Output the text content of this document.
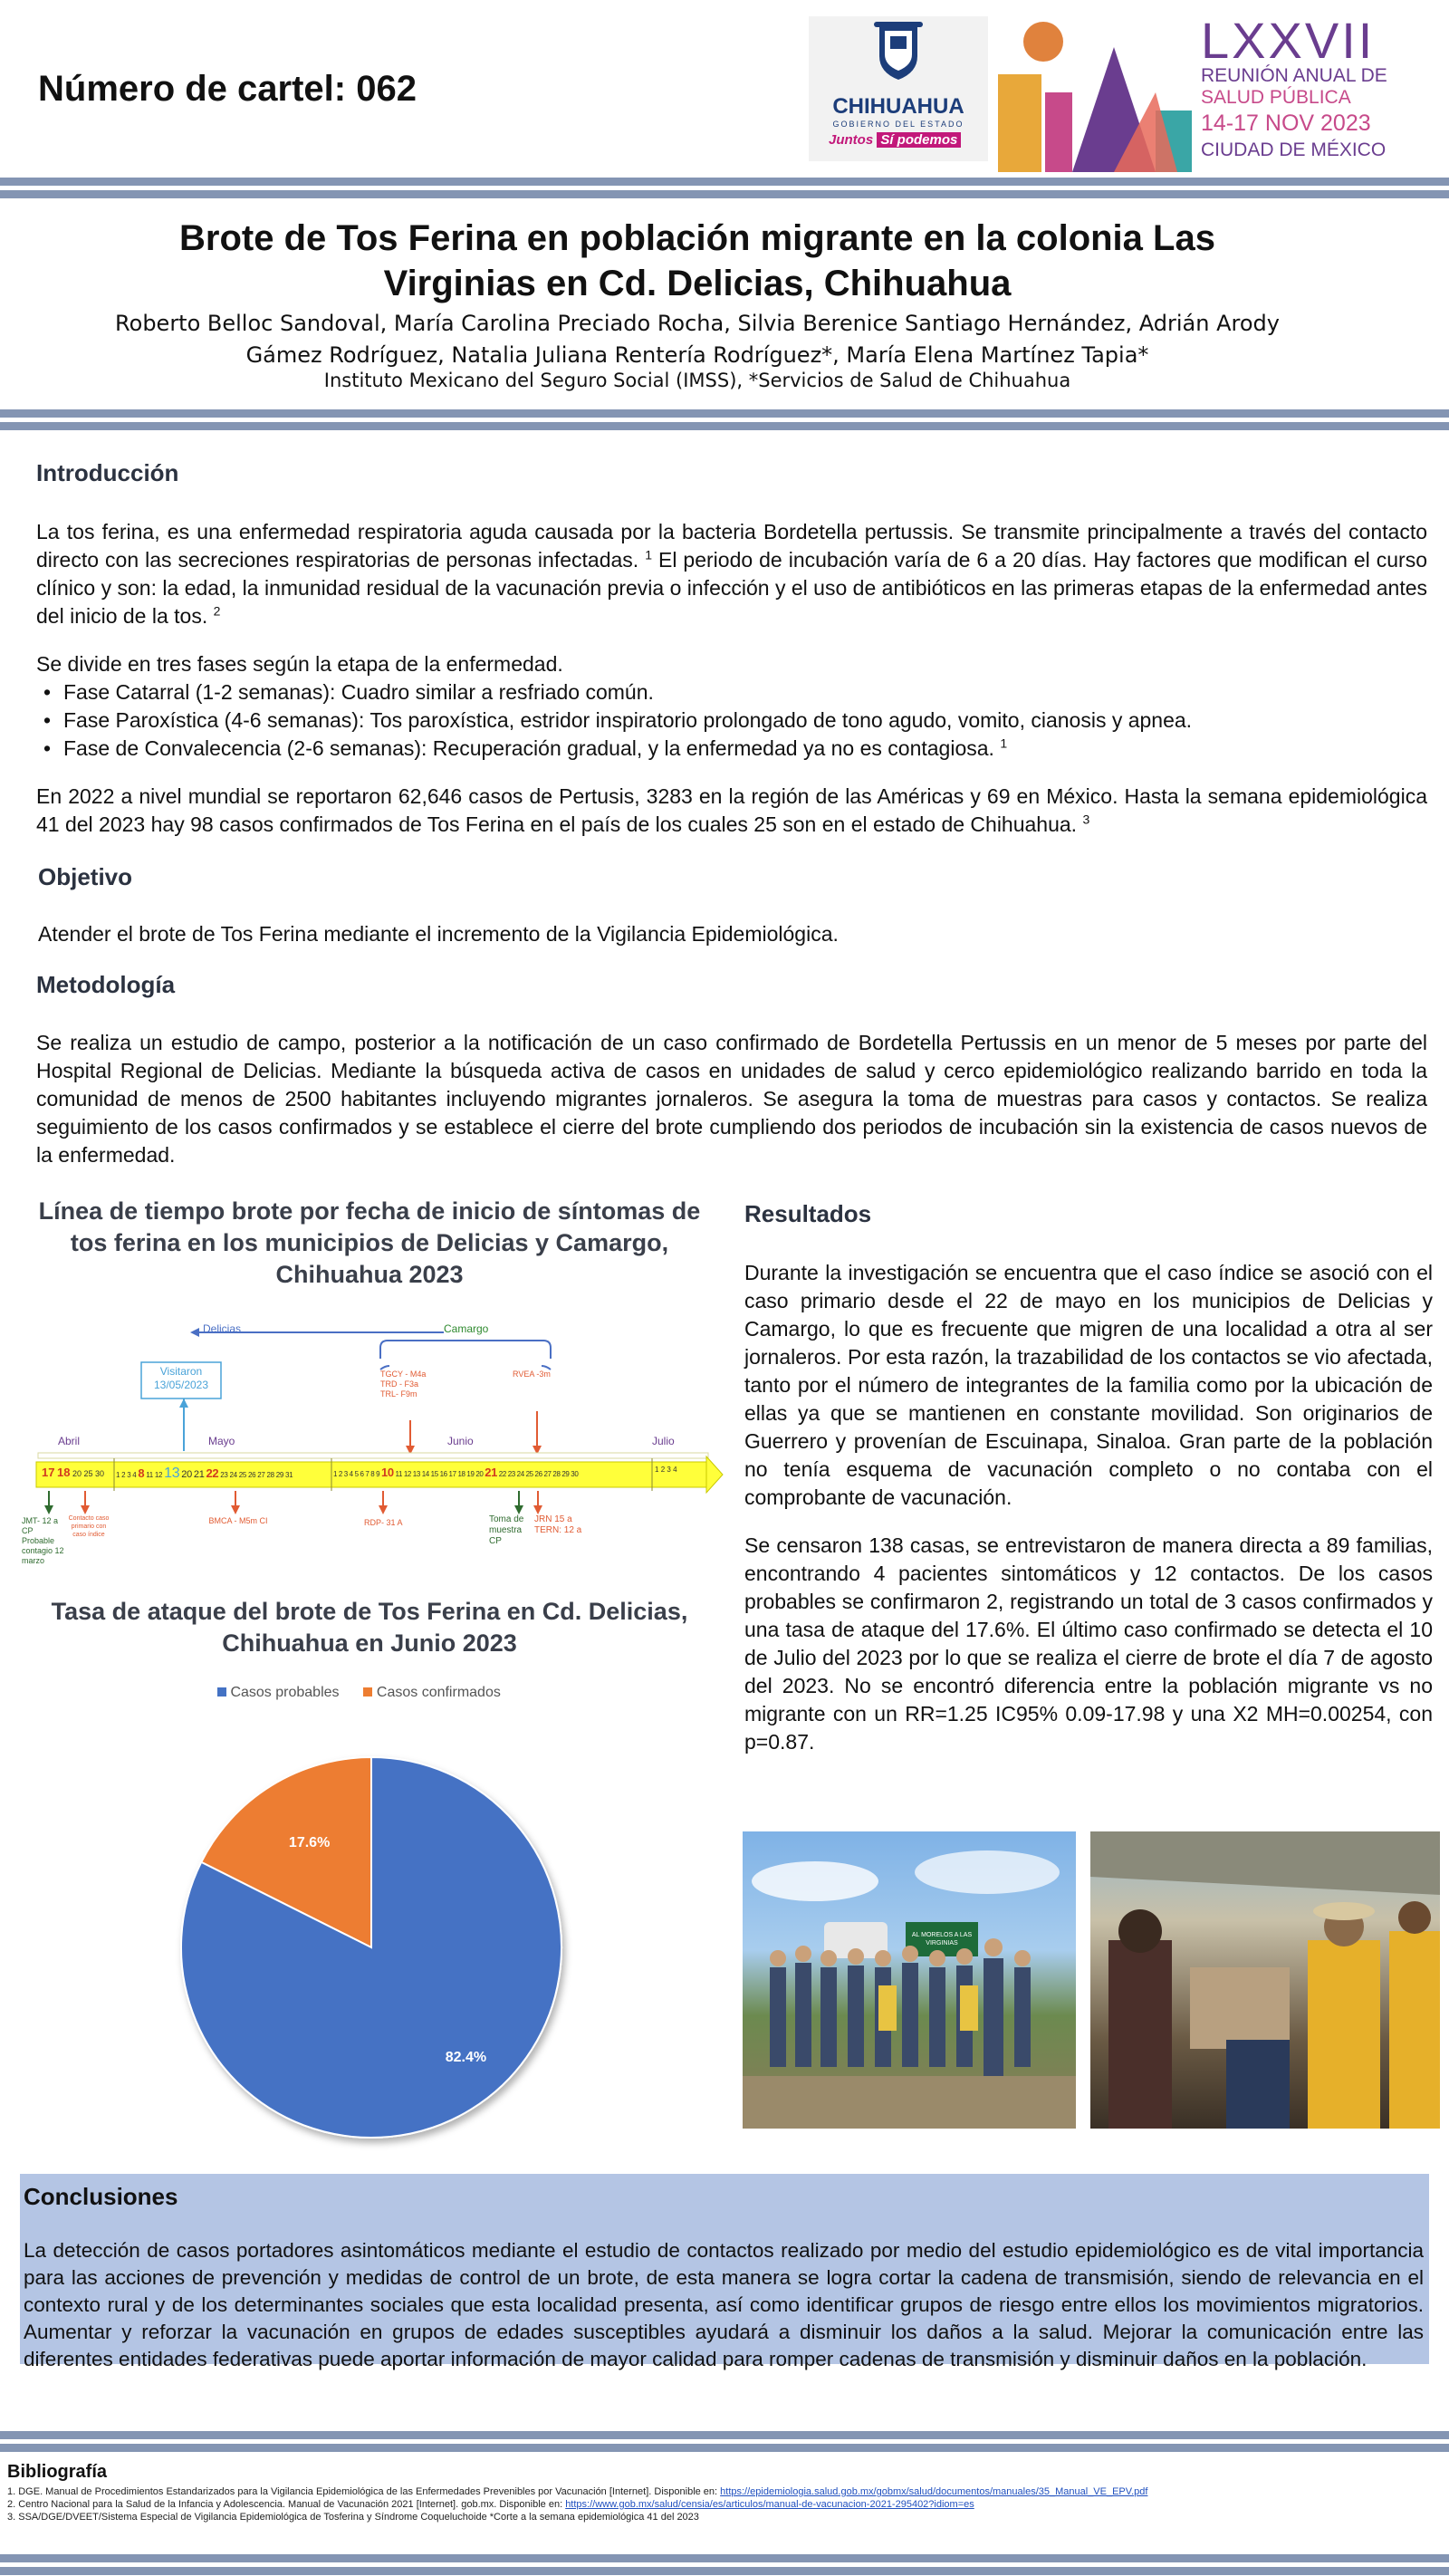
Número de cartel: 062	CHIHUAHUA
GOBIERNO DEL ESTADO
Juntos Sí podemos
LXXVII
REUNIÓN ANUAL DE
SALUD PÚBLICA
14-17 NOV 2023
CIUDAD DE MÉXICO
Brote de Tos Ferina en población migrante en la colonia Las
Virginias en Cd. Delicias, Chihuahua
Roberto Belloc Sandoval, María Carolina Preciado Rocha, Silvia Berenice Santiago Hernández, Adrián Arody
Gámez Rodríguez, Natalia Juliana Rentería Rodríguez*, María Elena Martínez Tapia*
Instituto Mexicano del Seguro Social (IMSS), *Servicios de Salud de Chihuahua
Introducción

La tos ferina, es una enfermedad respiratoria aguda causada por la bacteria Bordetella pertussis. Se transmite principalmente a través del contacto directo con las secreciones respiratorias de personas infectadas. $^1$ El periodo de incubación varía de 6 a 20 días. Hay factores que modifican el curso clínico y son: la edad, la inmunidad residual de la vacunación previa o infección y el uso de antibióticos en las primeras etapas de la enfermedad antes del inicio de la tos. $^2$

Se divide en tres fases según la etapa de la enfermedad.
• Fase Catarral (1-2 semanas): Cuadro similar a resfriado común.
• Fase Paroxística (4-6 semanas): Tos paroxística, estridor inspiratorio prolongado de tono agudo, vomito, cianosis y apnea.
• Fase de Convalecencia (2-6 semanas): Recuperación gradual, y la enfermedad ya no es contagiosa. $^1$

En 2022 a nivel mundial se reportaron 62,646 casos de Pertusis, 3283 en la región de las Américas y 69 en México. Hasta la semana epidemiológica 41 del 2023 hay 98 casos confirmados de Tos Ferina en el país de los cuales 25 son en el estado de Chihuahua. $^3$

Objetivo
Atender el brote de Tos Ferina mediante el incremento de la Vigilancia Epidemiológica.
Metodología
Se realiza un estudio de campo, posterior a la notificación de un caso confirmado de Bordetella Pertussis en un menor de 5 meses por parte del Hospital Regional de Delicias. Mediante la búsqueda activa de casos en unidades de salud y cerco epidemiológico realizando barrido en toda la comunidad de menos de 2500 habitantes incluyendo migrantes jornaleros. Se asegura la toma de muestras para casos y contactos. Se realiza seguimiento de los casos confirmados y se establece el cierre del brote cumpliendo dos periodos de incubación sin la existencia de casos nuevos de la enfermedad.
Línea de tiempo brote por fecha de inicio de síntomas de tos ferina en los municipios de Delicias y Camargo, Chihuahua 2023
Delicias	Camargo
Visitaron 13/05/2023
TGCY - M4a
TRD - F3a
TRL- F9m
RVEA -3m
Abril	Mayo	Junio	Julio
17 18 20 25 30	1 2 3 4 8 11 12 13 20 21 22 23 24 25 26 27 28 29 31	1 2 3 4 5 6 7 8 9 10 11 12 13 14 15 16 17 18 19 20 21 22 23 24 25 26 27 28 29 30
1 2 3 4
JMT- 12 a CP Probable contagio 12 marzo
Contacto caso primario con caso índice
BMCA - M5m CI	RDP- 31 A	Toma de muestra CP
JRN 15 a TERN: 12 a
Tasa de ataque del brote de Tos Ferina en Cd. Delicias, Chihuahua en Junio 2023
Casos probables	Casos confirmados
17.6%
82.4%
Resultados

Durante la investigación se encuentra que el caso índice se asoció con el caso primario desde el 22 de mayo en los municipios de Delicias y Camargo, lo que es frecuente que migren de una localidad a otra al ser jornaleros. Por esta razón, la trazabilidad de los contactos se vio afectada, tanto por el número de integrantes de la familia como por la ubicación de ellas ya que se mantienen en constante movilidad. Son originarios de Guerrero y provenían de Escuinapa, Sinaloa. Gran parte de la población no tenía esquema de vacunación completo o no contaba con el comprobante de vacunación.

Se censaron 138 casas, se entrevistaron de manera directa a 89 familias, encontrando 4 pacientes sintomáticos y 12 contactos. De los casos probables se confirmaron 2, registrando un total de 3 casos confirmados y una tasa de ataque del 17.6%. El último caso confirmado se detecta el 10 de Julio del 2023 por lo que se realiza el cierre de brote el día 7 de agosto del 2023. No se encontró diferencia entre la población migrante vs no migrante con un RR=1.25 IC95% 0.09-17.98 y una X2 MH=0.00254, con p=0.87.

AL MORELOS A LAS VIRGINIAS
Conclusiones
La detección de casos portadores asintomáticos mediante el estudio de contactos realizado por medio del estudio epidemiológico es de vital importancia para las acciones de prevención y medidas de control de un brote, de esta manera se logra cortar la cadena de transmisión, siendo de relevancia en el contexto rural y de los determinantes sociales que esta localidad presenta, así como identificar grupos de riesgo entre ellos los movimientos migratorios. Aumentar y reforzar la vacunación en grupos de edades susceptibles ayudará a disminuir los daños a la salud. Mejorar la comunicación entre las diferentes entidades federativas puede aportar información de mayor calidad para romper cadenas de transmisión y disminuir daños en la población.
Bibliografía
1. DGE. Manual de Procedimientos Estandarizados para la Vigilancia Epidemiológica de las Enfermedades Prevenibles por Vacunación [Internet]. Disponible en: https://epidemiologia.salud.gob.mx/gobmx/salud/documentos/manuales/35_Manual_VE_EPV.pdf
2. Centro Nacional para la Salud de la Infancia y Adolescencia. Manual de Vacunación 2021 [Internet]. gob.mx. Disponible en: https://www.gob.mx/salud/censia/es/articulos/manual-de-vacunacion-2021-295402?idiom=es
3. SSA/DGE/DVEET/Sistema Especial de Vigilancia Epidemiológica de Tosferina y Síndrome Coqueluchoide *Corte a la semana epidemiológica 41 del 2023
